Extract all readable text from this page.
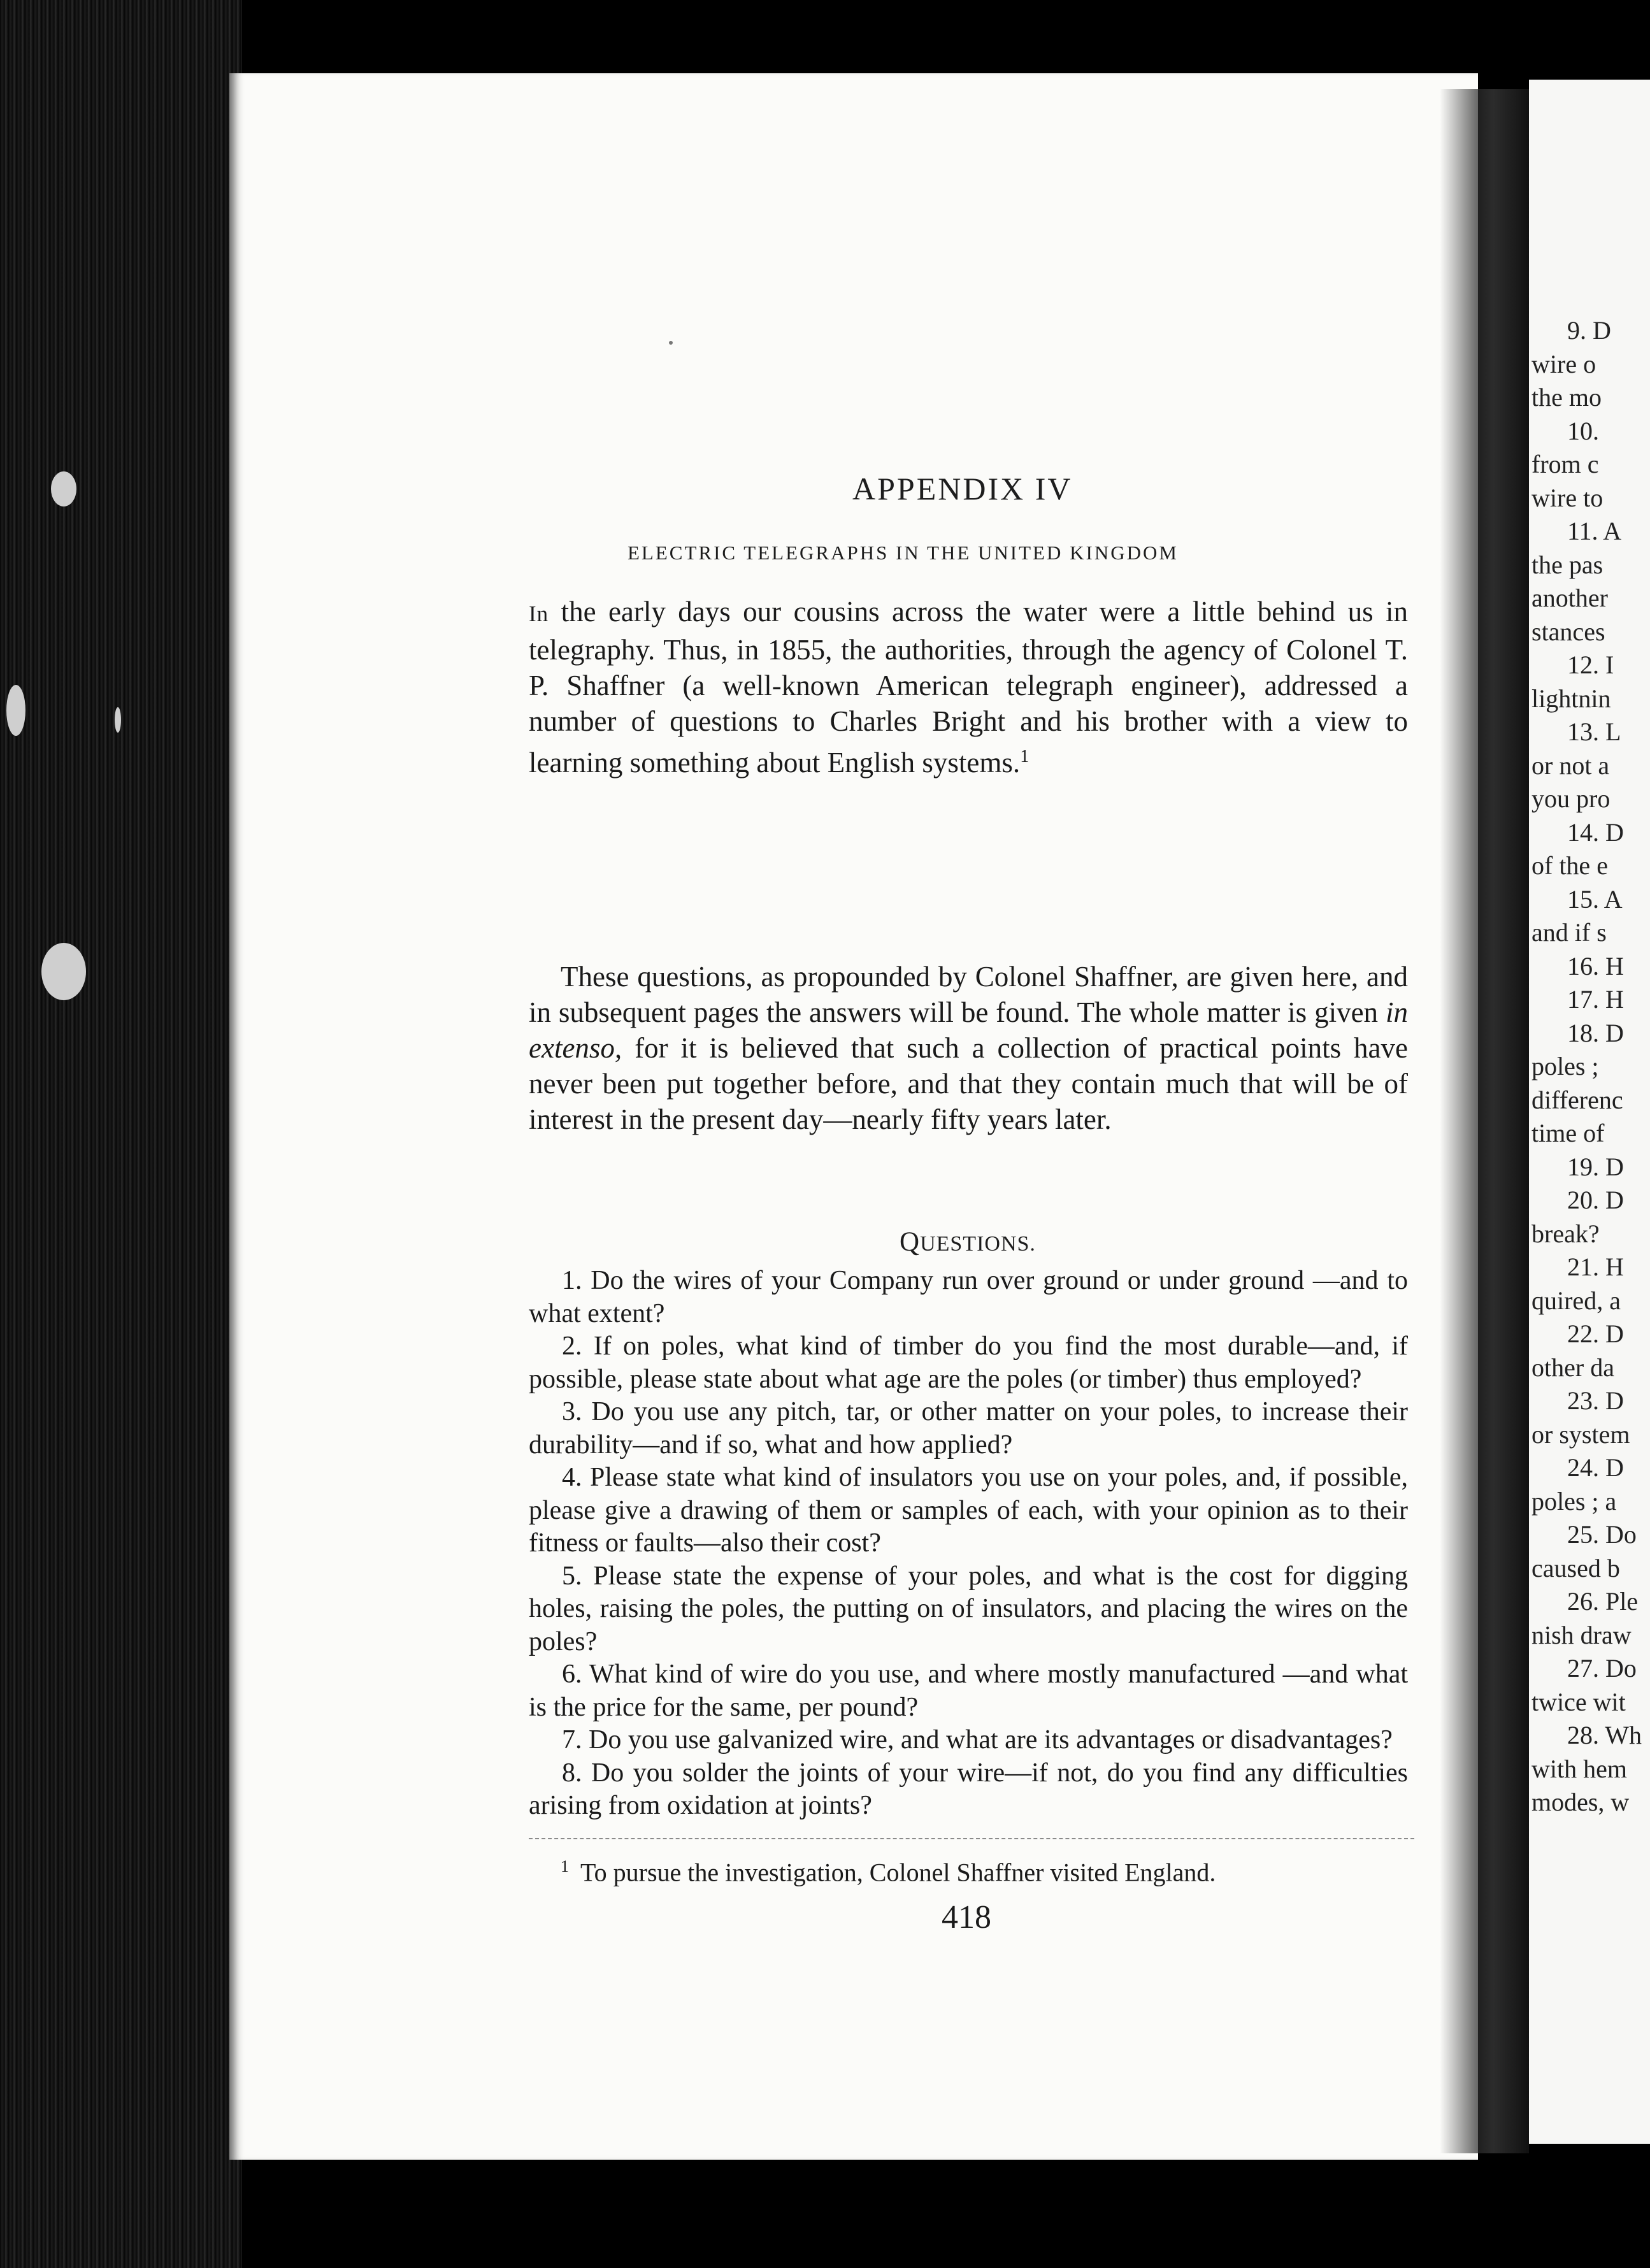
9. D
wire o
the mo
10.
from c
wire to
11. A
the pas
another
stances
12. I
lightnin
13. L
or not a
you pro
14. D
of the e
15. A
and if s
16. H
17. H
18. D
poles ;
differenc
time of
19. D
20. D
break?
21. H
quired, a
22. D
other da
23. D
or system
24. D
poles ; a
25. Do
caused b
26. Ple
nish draw
27. Do
twice wit
28. Wh
with hem
modes, w
APPENDIX IV
ELECTRIC TELEGRAPHS IN THE UNITED KINGDOM

In the early days our cousins across the water were a little behind us in telegraphy. Thus, in 1855, the authorities, through the agency of Colonel T. P. Shaffner (a well-known American telegraph engineer), addressed a number of questions to Charles Bright and his brother with a view to learning something about English systems.$^1$

These questions, as propounded by Colonel Shaffner, are given here, and in subsequent pages the answers will be found. The whole matter is given in extenso, for it is believed that such a collection of practical points have never been put together before, and that they contain much that will be of interest in the present day—nearly fifty years later.

QUESTIONS.

1. Do the wires of your Company run over ground or under ground —and to what extent?

2. If on poles, what kind of timber do you find the most durable—and, if possible, please state about what age are the poles (or timber) thus employed?

3. Do you use any pitch, tar, or other matter on your poles, to increase their durability—and if so, what and how applied?

4. Please state what kind of insulators you use on your poles, and, if possible, please give a drawing of them or samples of each, with your opinion as to their fitness or faults—also their cost?

5. Please state the expense of your poles, and what is the cost for digging holes, raising the poles, the putting on of insulators, and placing the wires on the poles?

6. What kind of wire do you use, and where mostly manufactured —and what is the price for the same, per pound?

7. Do you use galvanized wire, and what are its advantages or disadvantages?

8. Do you solder the joints of your wire—if not, do you find any difficulties arising from oxidation at joints?

$^1$ To pursue the investigation, Colonel Shaffner visited England.
418
